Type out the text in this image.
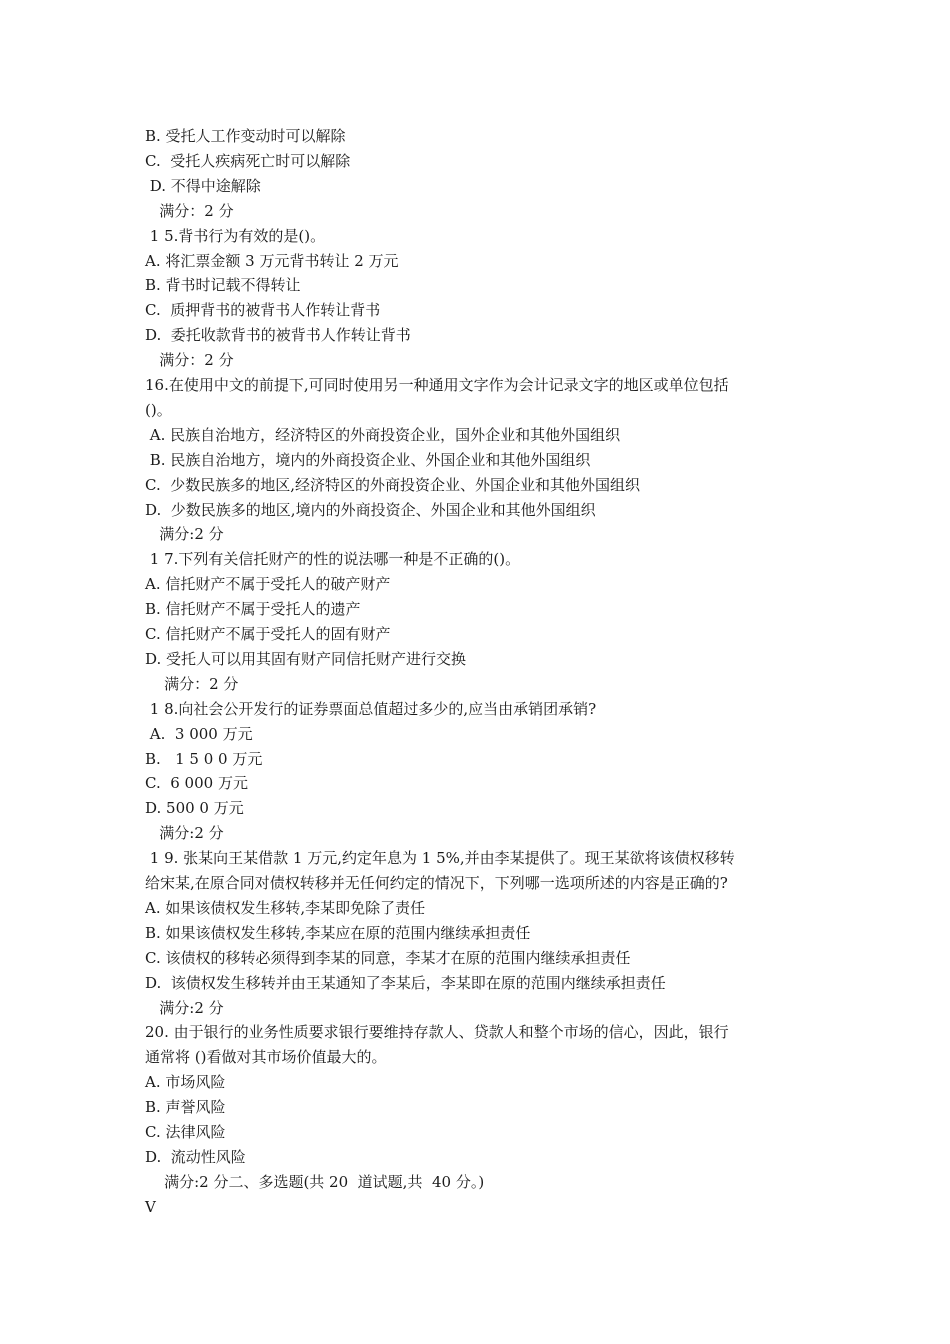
B. 受托人工作变动时可以解除
C.  受托人疾病死亡时可以解除
D. 不得中途解除
满分：2 分
1 5.背书行为有效的是()。
A. 将汇票金额 3 万元背书转让 2 万元
B. 背书时记载不得转让
C.  质押背书的被背书人作转让背书
D.  委托收款背书的被背书人作转让背书
满分：2 分
16.在使用中文的前提下,可同时使用另一种通用文字作为会计记录文字的地区或单位包括
()。
A. 民族自治地方，经济特区的外商投资企业，国外企业和其他外国组织
B. 民族自治地方，境内的外商投资企业、外国企业和其他外国组织
C.  少数民族多的地区,经济特区的外商投资企业、外国企业和其他外国组织
D.  少数民族多的地区,境内的外商投资企、外国企业和其他外国组织
满分:2 分
1 7.下列有关信托财产的性的说法哪一种是不正确的()。
A. 信托财产不属于受托人的破产财产
B. 信托财产不属于受托人的遗产
C. 信托财产不属于受托人的固有财产
D. 受托人可以用其固有财产同信托财产进行交换
满分：2 分
1 8.向社会公开发行的证券票面总值超过多少的,应当由承销团承销?
A.  3 000 万元
B.   1 5 0 0 万元
C.  6 000 万元
D. 500 0 万元
满分:2 分
1 9. 张某向王某借款 1 万元,约定年息为 1 5%,并由李某提供了。现王某欲将该债权移转
给宋某,在原合同对债权转移并无任何约定的情况下，下列哪一选项所述的内容是正确的?
A. 如果该债权发生移转,李某即免除了责任
B. 如果该债权发生移转,李某应在原的范围内继续承担责任
C. 该债权的移转必须得到李某的同意，李某才在原的范围内继续承担责任
D.  该债权发生移转并由王某通知了李某后，李某即在原的范围内继续承担责任
满分:2 分
20. 由于银行的业务性质要求银行要维持存款人、贷款人和整个市场的信心，因此，银行
通常将 ()看做对其市场价值最大的。
A. 市场风险
B. 声誉风险
C. 法律风险
D.  流动性风险
满分:2 分二、多选题(共 20  道试题,共  40 分。)
V
